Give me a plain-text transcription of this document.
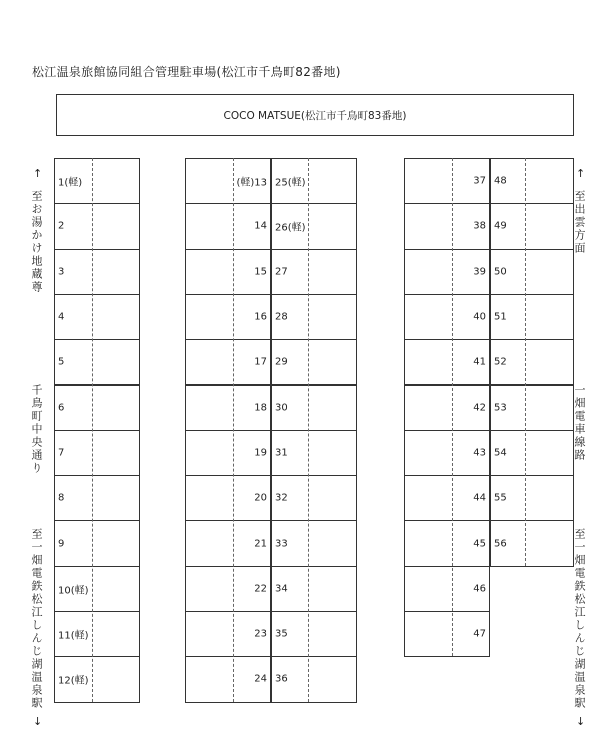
松江温泉旅館協同組合管理駐車場(松江市千鳥町82番地)
COCO MATSUE(松江市千鳥町83番地)
↑
至お湯かけ地蔵尊
千鳥町中央通り
至一畑電鉄松江しんじ湖温泉駅
↓
↑
至出雲方面
一畑電車線路
至一畑電鉄松江しんじ湖温泉駅
↓
1(軽)
2
3
4
5
6
7
8
9
10(軽)
11(軽)
12(軽)
(軽)13
14
15
16
17
18
19
20
21
22
23
24
25(軽)
26(軽)
27
28
29
30
31
32
33
34
35
36
37
38
39
40
41
42
43
44
45
46
47
48
49
50
51
52
53
54
55
56
